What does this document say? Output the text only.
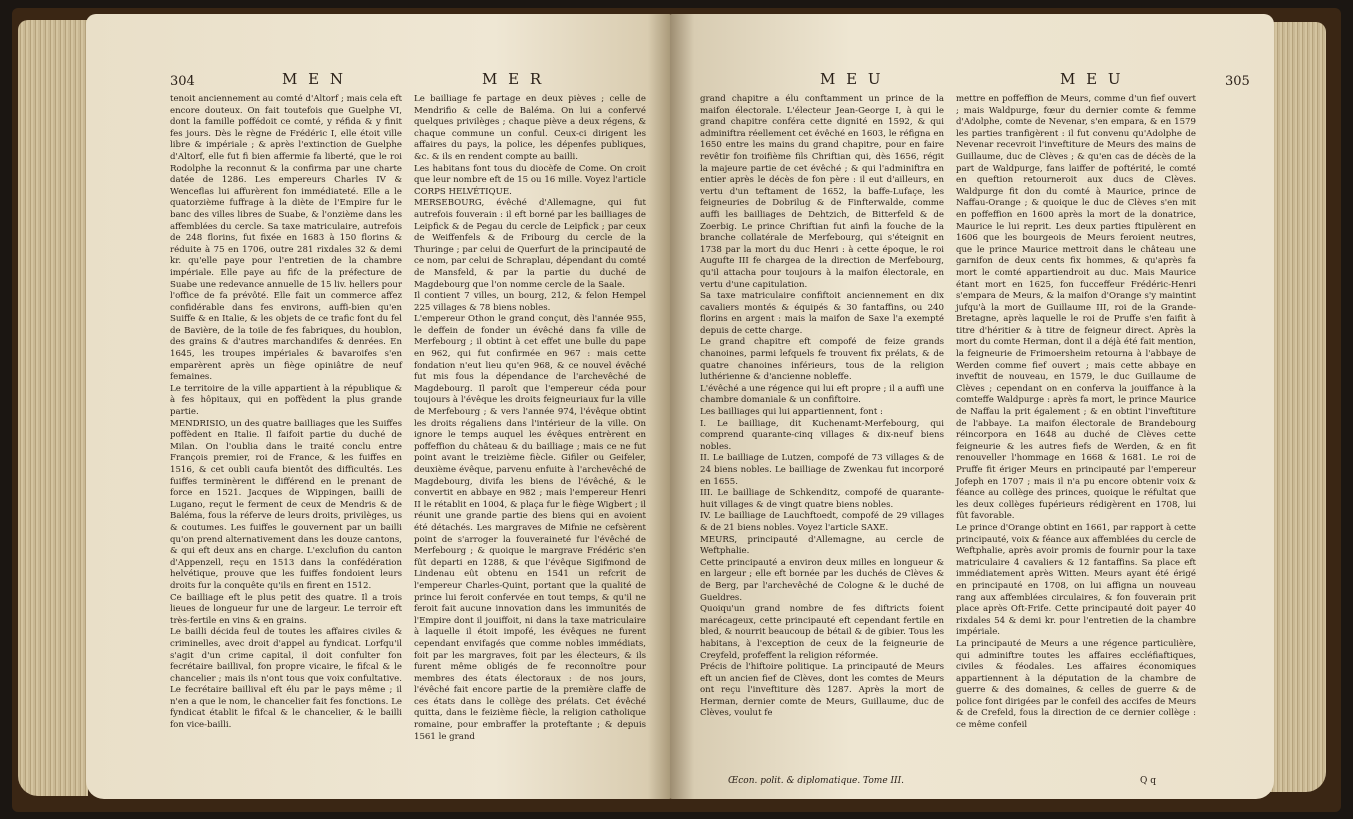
304	M E N	M E R
tenoit anciennement au comté d'Altorf ; mais cela eft encore douteux. On fait toutefois que Guelphe VI, dont la famille poffédoit ce comté, y réfida & y finit fes jours. Dès le règne de Frédéric I, elle étoit ville libre & impériale ; & après l'extinction de Guelphe d'Altorf, elle fut fi bien affermie fa liberté, que le roi Rodolphe la reconnut & la confirma par une charte datée de 1286. Les empereurs Charles IV & Wenceflas lui affurèrent fon immédiateté. Elle a le quatorzième fuffrage à la diète de l'Empire fur le banc des villes libres de Suabe, & l'onzième dans les affemblées du cercle. Sa taxe matriculaire, autrefois de 248 florins, fut fixée en 1683 à 150 florins & réduite à 75 en 1706, outre 281 rixdales 32 & demi kr. qu'elle paye pour l'entretien de la chambre impériale. Elle paye au fifc de la préfecture de Suabe une redevance annuelle de 15 liv. hellers pour l'office de fa prévôté. Elle fait un commerce affez confidérable dans fes environs, auffi-bien qu'en Suiffe & en Italie, & les objets de ce trafic font du fel de Bavière, de la toile de fes fabriques, du houblon, des grains & d'autres marchandifes & denrées. En 1645, les troupes impériales & bavaroifes s'en emparèrent après un fiège opiniâtre de neuf femaines.
Le territoire de la ville appartient à la république & à fes hôpitaux, qui en poffèdent la plus grande partie.
MENDRISIO, un des quatre bailliages que les Suiffes poffèdent en Italie. Il faifoit partie du duché de Milan. On l'oublia dans le traité conclu entre François premier, roi de France, & les fuiffes en 1516, & cet oubli caufa bientôt des difficultés. Les fuiffes terminèrent le différend en le prenant de force en 1521. Jacques de Wippingen, bailli de Lugano, reçut le ferment de ceux de Mendris & de Baléma, fous la réferve de leurs droits, privilèges, us & coutumes. Les fuiffes le gouvernent par un bailli qu'on prend alternativement dans les douze cantons, & qui eft deux ans en charge. L'exclufion du canton d'Appenzell, reçu en 1513 dans la confédération helvétique, prouve que les fuiffes fondoient leurs droits fur la conquête qu'ils en firent en 1512.
Ce bailliage eft le plus petit des quatre. Il a trois lieues de longueur fur une de largeur. Le terroir eft très-fertile en vins & en grains.
Le bailli décida feul de toutes les affaires civiles & criminelles, avec droit d'appel au fyndicat. Lorfqu'il s'agit d'un crime capital, il doit confulter fon fecrétaire baillival, fon propre vicaire, le fifcal & le chancelier ; mais ils n'ont tous que voix confultative. Le fecrétaire baillival eft élu par le pays même ; il n'en a que le nom, le chancelier fait fes fonctions. Le fyndicat établit le fifcal & le chancelier, & le bailli fon vice-bailli.
Le bailliage fe partage en deux pièves ; celle de Mendrifio & celle de Baléma. On lui a confervé quelques privilèges ; chaque piève a deux régens, & chaque commune un conful. Ceux-ci dirigent les affaires du pays, la police, les dépenfes publiques, &c. & ils en rendent compte au bailli.
Les habitans font tous du diocèfe de Come. On croit que leur nombre eft de 15 ou 16 mille. Voyez l'article CORPS HELVÉTIQUE.
MERSEBOURG, évêché d'Allemagne, qui fut autrefois fouverain : il eft borné par les bailliages de Leipfick & de Pegau du cercle de Leipfick ; par ceux de Weiffenfels & de Fribourg du cercle de la Thuringe ; par celui de Querfurt de la principauté de ce nom, par celui de Schraplau, dépendant du comté de Mansfeld, & par la partie du duché de Magdebourg que l'on nomme cercle de la Saale.
Il contient 7 villes, un bourg, 212, & felon Hempel 225 villages & 78 biens nobles.
L'empereur Othon le grand conçut, dès l'année 955, le deffein de fonder un évêché dans fa ville de Merfebourg ; il obtint à cet effet une bulle du pape en 962, qui fut confirmée en 967 : mais cette fondation n'eut lieu qu'en 968, & ce nouvel évêché fut mis fous la dépendance de l'archevêché de Magdebourg. Il paroît que l'empereur céda pour toujours à l'évêque les droits feigneuriaux fur la ville de Merfebourg ; & vers l'année 974, l'évêque obtint les droits régaliens dans l'intérieur de la ville. On ignore le temps auquel les évêques entrèrent en poffeffion du château & du bailliage ; mais ce ne fut point avant le treizième fiècle. Gifiler ou Geifeler, deuxième évêque, parvenu enfuite à l'archevêché de Magdebourg, divifa les biens de l'évêché, & le convertit en abbaye en 982 ; mais l'empereur Henri II le rétablit en 1004, & plaça fur le fiège Wigbert ; il réunit une grande partie des biens qui en avoient été détachés. Les margraves de Mifnie ne cefsèrent point de s'arroger la fouveraineté fur l'évêché de Merfebourg ; & quoique le margrave Frédéric s'en fût departi en 1288, & que l'évêque Sigifmond de Lindenau eût obtenu en 1541 un refcrit de l'empereur Charles-Quint, portant que la qualité de prince lui feroit confervée en tout temps, & qu'il ne feroit fait aucune innovation dans les immunités de l'Empire dont il jouiffoit, ni dans la taxe matriculaire à laquelle il étoit impofé, les évêques ne furent cependant envifagés que comme nobles immédiats, foit par les margraves, foit par les électeurs, & ils furent même obligés de fe reconnoître pour membres des états électoraux : de nos jours, l'évêché fait encore partie de la première claffe de ces états dans le collège des prélats. Cet évêché quitta, dans le feizième fiècle, la religion catholique romaine, pour embraffer la proteftante ; & depuis 1561 le grand
M E U	M E U	305
grand chapitre a élu conftamment un prince de la maifon électorale. L'électeur Jean-George I, à qui le grand chapitre conféra cette dignité en 1592, & qui adminiftra réellement cet évêché en 1603, le réfigna en 1650 entre les mains du grand chapitre, pour en faire revêtir fon troifième fils Chriftian qui, dès 1656, régit la majeure partie de cet évêché ; & qui l'adminiftra en entier après le décès de fon père : il eut d'ailleurs, en vertu d'un teftament de 1652, la baffe-Lufaçe, les feigneuries de Dobrilug & de Finfterwalde, comme auffi les bailliages de Dehtzich, de Bitterfeld & de Zoerbig. Le prince Chriftian fut ainfi la fouche de la branche collatérale de Merfebourg, qui s'éteignit en 1738 par la mort du duc Henri : à cette époque, le roi Augufte III fe chargea de la direction de Merfebourg, qu'il attacha pour toujours à la maifon électorale, en vertu d'une capitulation.
Sa taxe matriculaire confiftoit anciennement en dix cavaliers montés & équipés & 30 fantaffins, ou 240 florins en argent : mais la maifon de Saxe l'a exempté depuis de cette charge.
Le grand chapitre eft compofé de feize grands chanoines, parmi lefquels fe trouvent fix prélats, & de quatre chanoines inférieurs, tous de la religion luthérienne & d'ancienne nobleffe.
L'évêché a une régence qui lui eft propre ; il a auffi une chambre domaniale & un confiftoire.
Les bailliages qui lui appartiennent, font :
I. Le bailliage, dit Kuchenamt-Merfebourg, qui comprend quarante-cinq villages & dix-neuf biens nobles.
II. Le bailliage de Lutzen, compofé de 73 villages & de 24 biens nobles. Le bailliage de Zwenkau fut incorporé en 1655.
III. Le bailliage de Schkenditz, compofé de quarante-huit villages & de vingt quatre biens nobles.
IV. Le bailliage de Lauchftoedt, compofé de 29 villages & de 21 biens nobles. Voyez l'article SAXE.
MEURS, principauté d'Allemagne, au cercle de Weftphalie.
Cette principauté a environ deux milles en longueur & en largeur ; elle eft bornée par les duchés de Clèves & de Berg, par l'archevêché de Cologne & le duché de Gueldres.
Quoiqu'un grand nombre de fes diftricts foient marécageux, cette principauté eft cependant fertile en bled, & nourrit beaucoup de bétail & de gibier. Tous les habitans, à l'exception de ceux de la feigneurie de Creyfeld, profeffent la religion réformée.
Précis de l'hiftoire politique. La principauté de Meurs eft un ancien fief de Clèves, dont les comtes de Meurs ont reçu l'inveftiture dès 1287. Après la mort de Herman, dernier comte de Meurs, Guillaume, duc de Clèves, voulut fe
Œcon. polit. & diplomatique. Tome III.
mettre en poffeffion de Meurs, comme d'un fief ouvert ; mais Waldpurge, fœur du dernier comte & femme d'Adolphe, comte de Nevenar, s'en empara, & en 1579 les parties tranfigèrent : il fut convenu qu'Adolphe de Nevenar recevroit l'inveftiture de Meurs des mains de Guillaume, duc de Clèves ; & qu'en cas de décès de la part de Waldpurge, fans laiffer de poftérité, le comté en queftion retourneroit aux ducs de Clèves. Waldpurge fit don du comté à Maurice, prince de Naffau-Orange ; & quoique le duc de Clèves s'en mit en poffeffion en 1600 après la mort de la donatrice, Maurice le lui reprit. Les deux parties ftipulèrent en 1606 que les bourgeois de Meurs feroient neutres, que le prince Maurice mettroit dans le château une garnifon de deux cents fix hommes, & qu'après fa mort le comté appartiendroit au duc. Mais Maurice étant mort en 1625, fon fucceffeur Frédéric-Henri s'empara de Meurs, & la maifon d'Orange s'y maintint jufqu'à la mort de Guillaume III, roi de la Grande-Bretagne, après laquelle le roi de Pruffe s'en faifit à titre d'héritier & à titre de feigneur direct. Après la mort du comte Herman, dont il a déjà été fait mention, la feigneurie de Frimoersheim retourna à l'abbaye de Werden comme fief ouvert ; mais cette abbaye en inveftit de nouveau, en 1579, le duc Guillaume de Clèves ; cependant on en conferva la jouiffance à la comteffe Waldpurge : après fa mort, le prince Maurice de Naffau la prit également ; & en obtint l'inveftiture de l'abbaye. La maifon électorale de Brandebourg réincorpora en 1648 au duché de Clèves cette feigneurie & les autres fiefs de Werden, & en fit renouveller l'hommage en 1668 & 1681. Le roi de Pruffe fit ériger Meurs en principauté par l'empereur Jofeph en 1707 ; mais il n'a pu encore obtenir voix & féance au collège des princes, quoique le réfultat que les deux collèges fupérieurs rédigèrent en 1708, lui fût favorable.
Le prince d'Orange obtint en 1661, par rapport à cette principauté, voix & féance aux affemblées du cercle de Weftphalie, après avoir promis de fournir pour la taxe matriculaire 4 cavaliers & 12 fantaffins. Sa place eft immédiatement après Witten. Meurs ayant été érigé en principauté en 1708, on lui affigna un nouveau rang aux affemblées circulaires, & fon fouverain prit place après Oft-Frife. Cette principauté doit payer 40 rixdales 54 & demi kr. pour l'entretien de la chambre impériale.
La principauté de Meurs a une régence particulière, qui adminiftre toutes les affaires eccléfiaftiques, civiles & féodales. Les affaires économiques appartiennent à la députation de la chambre de guerre & des domaines, & celles de guerre & de police font dirigées par le confeil des accifes de Meurs & de Crefeld, fous la direction de ce dernier collège : ce même confeil
Q q
